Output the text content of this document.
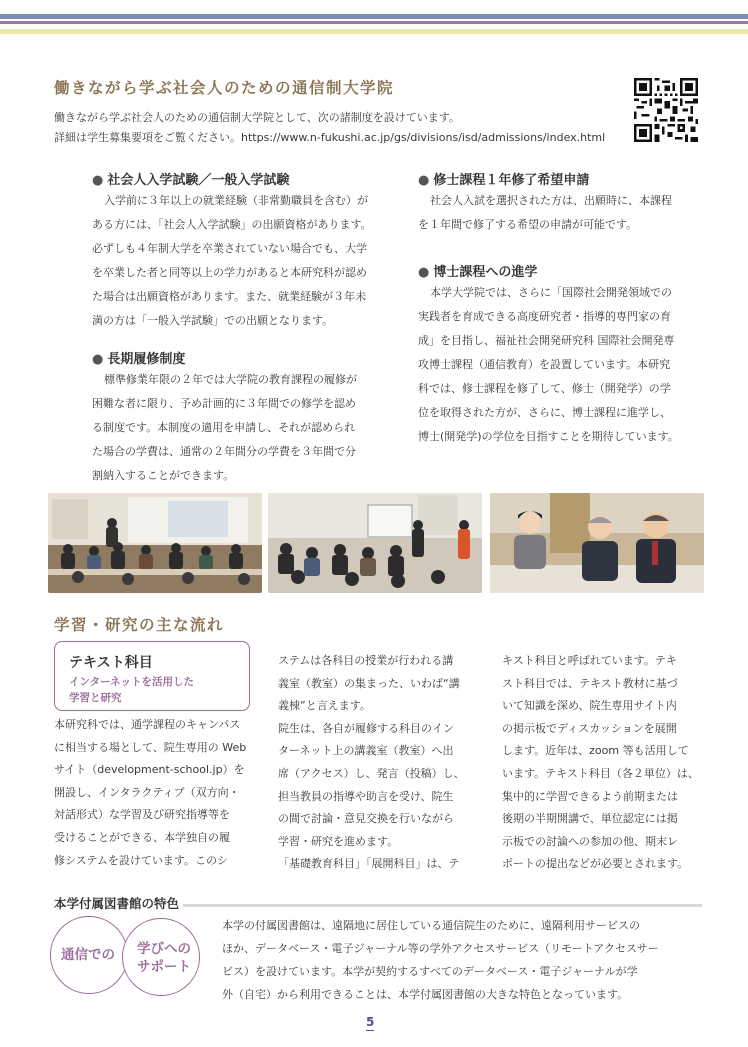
働きながら学ぶ社会人のための通信制大学院
働きながら学ぶ社会人のための通信制大学院として、次の諸制度を設けています。
詳細は学生募集要項をご覧ください。https://www.n-fukushi.ac.jp/gs/divisions/isd/admissions/index.html
● 社会人入学試験／一般入学試験
入学前に３年以上の就業経験（非常勤職員を含む）が
ある方には、「社会人入学試験」の出願資格があります。
必ずしも４年制大学を卒業されていない場合でも、大学
を卒業した者と同等以上の学力があると本研究科が認め
た場合は出願資格があります。また、就業経験が３年未
満の方は「一般入学試験」での出願となります。
● 長期履修制度
標準修業年限の２年では大学院の教育課程の履修が
困難な者に限り、予め計画的に３年間での修学を認め
る制度です。本制度の適用を申請し、それが認められ
た場合の学費は、通常の２年間分の学費を３年間で分
割納入することができます。
● 修士課程１年修了希望申請
社会人入試を選択された方は、出願時に、本課程
を１年間で修了する希望の申請が可能です。
● 博士課程への進学
本学大学院では、さらに「国際社会開発領域での
実践者を育成できる高度研究者・指導的専門家の育
成」を目指し、福祉社会開発研究科 国際社会開発専
攻博士課程（通信教育）を設置しています。本研究
科では、修士課程を修了して、修士（開発学）の学
位を取得された方が、さらに、博士課程に進学し、
博士(開発学)の学位を目指すことを期待しています。
学習・研究の主な流れ
テキスト科目
インターネットを活用した
学習と研究
本研究科では、通学課程のキャンパス
に相当する場として、院生専用の Web
サイト（development-school.jp）を
開設し、インタラクティブ（双方向・
対話形式）な学習及び研究指導等を
受けることができる、本学独自の履
修システムを設けています。このシ
ステムは各科目の授業が行われる講
義室（教室）の集まった、いわば“講
義棟”と言えます。
院生は、各自が履修する科目のイン
ターネット上の講義室（教室）へ出
席（アクセス）し、発言（投稿）し、
担当教員の指導や助言を受け、院生
の間で討論・意見交換を行いながら
学習・研究を進めます。
「基礎教育科目」「展開科目」は、テ
キスト科目と呼ばれています。テキ
スト科目では、テキスト教材に基づ
いて知識を深め、院生専用サイト内
の掲示板でディスカッションを展開
します。近年は、zoom 等も活用して
います。テキスト科目（各２単位）は、
集中的に学習できるよう前期または
後期の半期開講で、単位認定には掲
示板での討論への参加の他、期末レ
ポートの提出などが必要とされます。
本学付属図書館の特色
通信での	学びへの
サポート
本学の付属図書館は、遠隔地に居住している通信院生のために、遠隔利用サービスの
ほか、データベース・電子ジャーナル等の学外アクセスサービス（リモートアクセスサー
ビス）を設けています。本学が契約するすべてのデータベース・電子ジャーナルが学
外（自宅）から利用できることは、本学付属図書館の大きな特色となっています。
5
